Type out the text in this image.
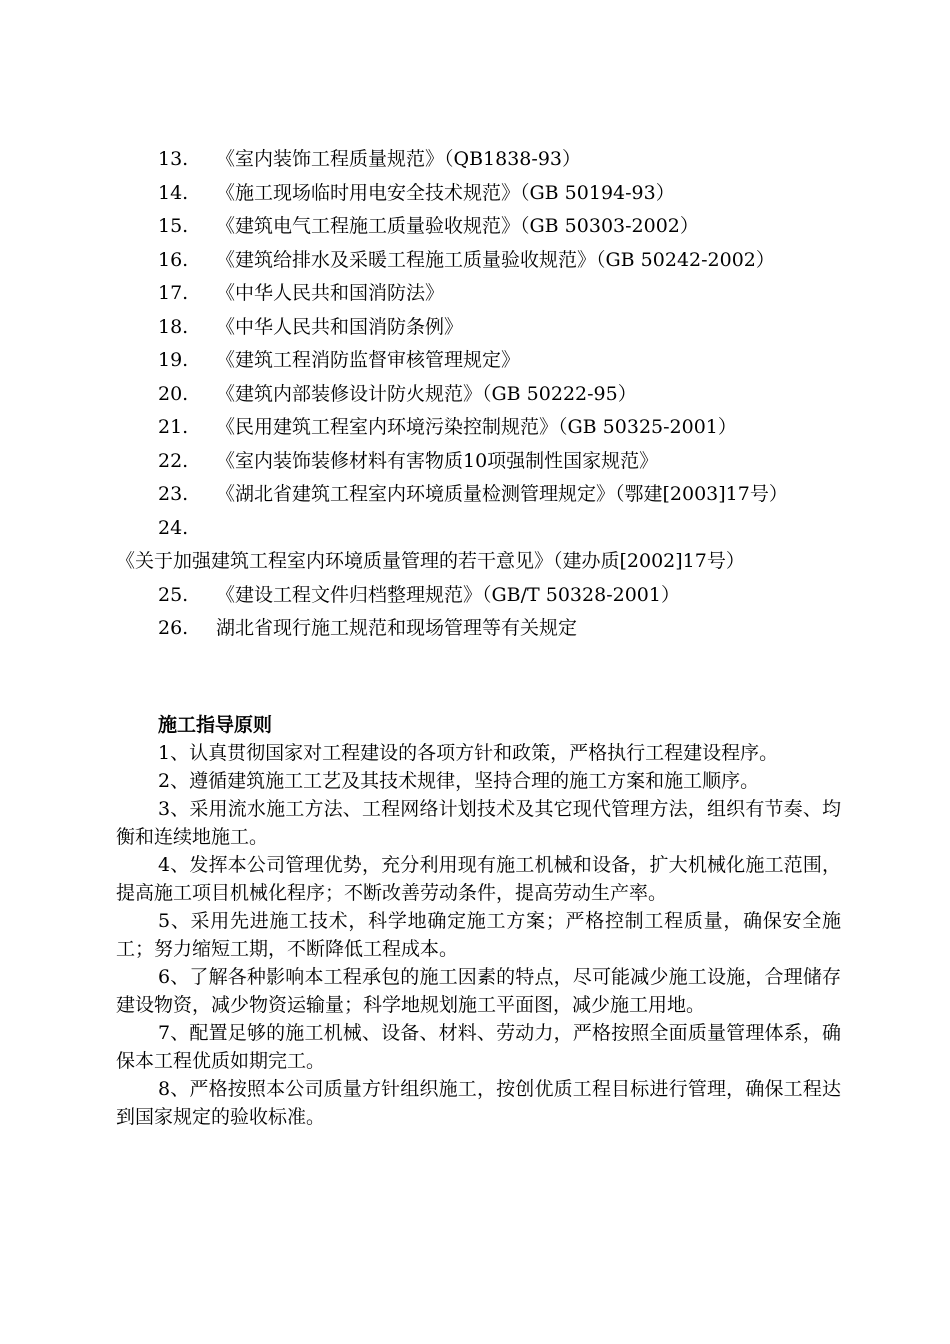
13. 《室内装饰工程质量规范》（QB1838-93）
14. 《施工现场临时用电安全技术规范》（GB 50194-93）
15. 《建筑电气工程施工质量验收规范》（GB 50303-2002）
16. 《建筑给排水及采暖工程施工质量验收规范》（GB 50242-2002）
17. 《中华人民共和国消防法》
18. 《中华人民共和国消防条例》
19. 《建筑工程消防监督审核管理规定》
20. 《建筑内部装修设计防火规范》（GB 50222-95）
21. 《民用建筑工程室内环境污染控制规范》（GB 50325-2001）
22. 《室内装饰装修材料有害物质10项强制性国家规范》
23. 《湖北省建筑工程室内环境质量检测管理规定》（鄂建[2003]17号）
24.《关于加强建筑工程室内环境质量管理的若干意见》（建办质[2002]17号）
25. 《建设工程文件归档整理规范》（GB/T 50328-2001）
26. 湖北省现行施工规范和现场管理等有关规定
施工指导原则

1、认真贯彻国家对工程建设的各项方针和政策，严格执行工程建设程序。

2、遵循建筑施工工艺及其技术规律，坚持合理的施工方案和施工顺序。

3、采用流水施工方法、工程网络计划技术及其它现代管理方法，组织有节奏、均衡和连续地施工。

4、发挥本公司管理优势，充分利用现有施工机械和设备，扩大机械化施工范围，提高施工项目机械化程序；不断改善劳动条件，提高劳动生产率。

5、采用先进施工技术，科学地确定施工方案；严格控制工程质量，确保安全施工；努力缩短工期，不断降低工程成本。

6、了解各种影响本工程承包的施工因素的特点，尽可能减少施工设施，合理储存建设物资，减少物资运输量；科学地规划施工平面图，减少施工用地。

7、配置足够的施工机械、设备、材料、劳动力，严格按照全面质量管理体系，确保本工程优质如期完工。

8、严格按照本公司质量方针组织施工，按创优质工程目标进行管理，确保工程达到国家规定的验收标准。
